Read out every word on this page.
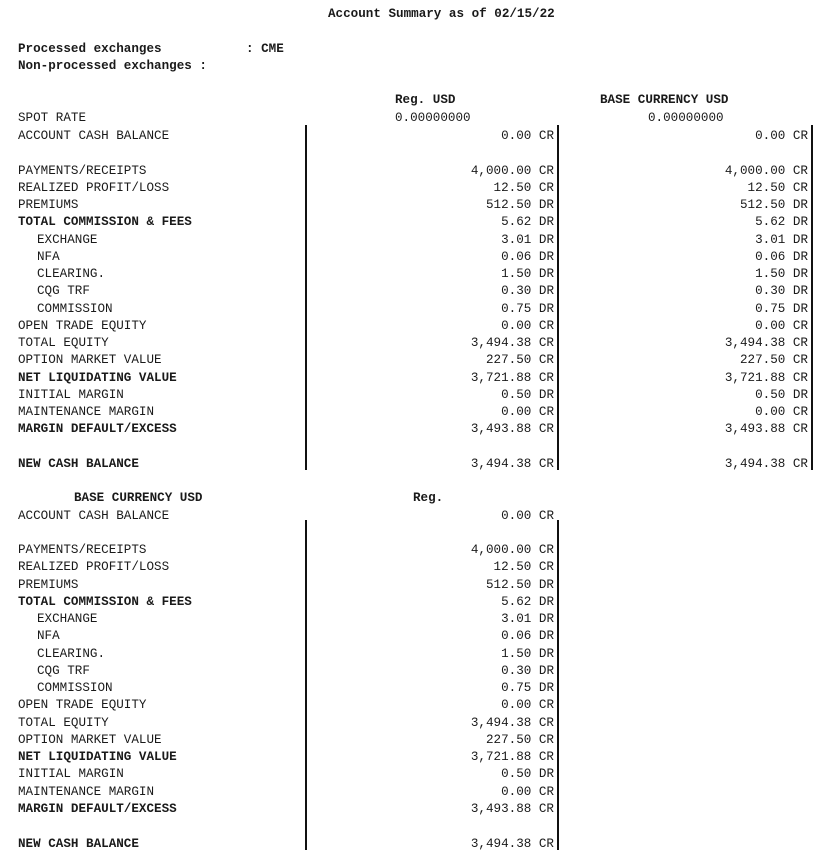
Account Summary as of 02/15/22
Processed exchanges	: CME
Non-processed exchanges :
Reg. USD	BASE CURRENCY USD
SPOT RATE	0.00000000	0.00000000
ACCOUNT CASH BALANCE	0.00 CR	0.00 CR
PAYMENTS/RECEIPTS	4,000.00 CR	4,000.00 CR
REALIZED PROFIT/LOSS	12.50 CR	12.50 CR
PREMIUMS	512.50 DR	512.50 DR
TOTAL COMMISSION & FEES	5.62 DR	5.62 DR
EXCHANGE	3.01 DR	3.01 DR
NFA	0.06 DR	0.06 DR
CLEARING.	1.50 DR	1.50 DR
CQG TRF	0.30 DR	0.30 DR
COMMISSION	0.75 DR	0.75 DR
OPEN TRADE EQUITY	0.00 CR	0.00 CR
TOTAL EQUITY	3,494.38 CR	3,494.38 CR
OPTION MARKET VALUE	227.50 CR	227.50 CR
NET LIQUIDATING VALUE	3,721.88 CR	3,721.88 CR
INITIAL MARGIN	0.50 DR	0.50 DR
MAINTENANCE MARGIN	0.00 CR	0.00 CR
MARGIN DEFAULT/EXCESS	3,493.88 CR	3,493.88 CR
NEW CASH BALANCE	3,494.38 CR	3,494.38 CR
BASE CURRENCY USD	Reg.
ACCOUNT CASH BALANCE	0.00 CR
PAYMENTS/RECEIPTS	4,000.00 CR
REALIZED PROFIT/LOSS	12.50 CR
PREMIUMS	512.50 DR
TOTAL COMMISSION & FEES	5.62 DR
EXCHANGE	3.01 DR
NFA	0.06 DR
CLEARING.	1.50 DR
CQG TRF	0.30 DR
COMMISSION	0.75 DR
OPEN TRADE EQUITY	0.00 CR
TOTAL EQUITY	3,494.38 CR
OPTION MARKET VALUE	227.50 CR
NET LIQUIDATING VALUE	3,721.88 CR
INITIAL MARGIN	0.50 DR
MAINTENANCE MARGIN	0.00 CR
MARGIN DEFAULT/EXCESS	3,493.88 CR
NEW CASH BALANCE	3,494.38 CR
